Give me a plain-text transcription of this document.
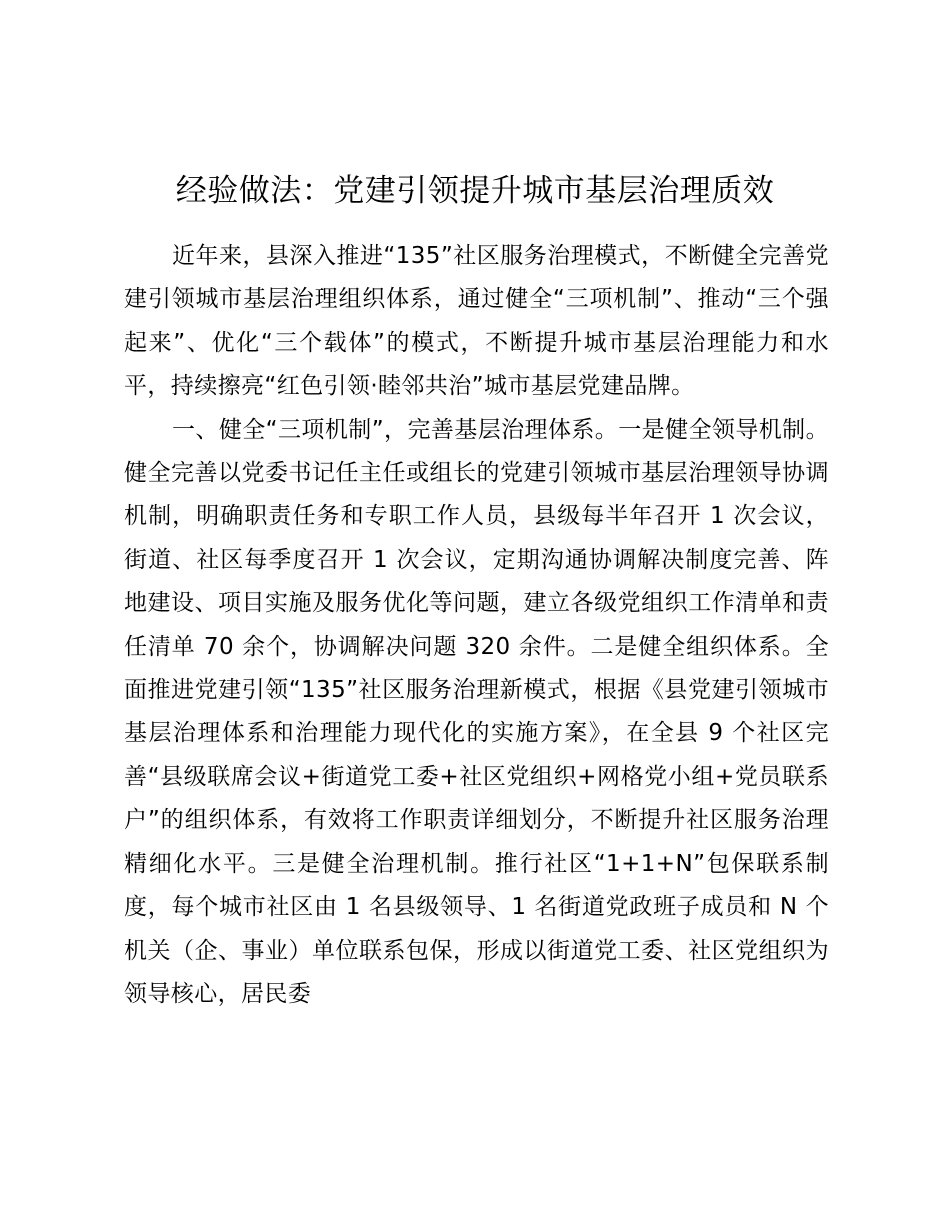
经验做法：党建引领提升城市基层治理质效

近年来，县深入推进“135”社区服务治理模式，不断健全完善党建引领城市基层治理组织体系，通过健全“三项机制”、推动“三个强起来”、优化“三个载体”的模式，不断提升城市基层治理能力和水平，持续擦亮“红色引领·睦邻共治”城市基层党建品牌。

一、健全“三项机制”，完善基层治理体系。一是健全领导机制。健全完善以党委书记任主任或组长的党建引领城市基层治理领导协调机制，明确职责任务和专职工作人员，县级每半年召开 1 次会议，街道、社区每季度召开 1 次会议，定期沟通协调解决制度完善、阵地建设、项目实施及服务优化等问题，建立各级党组织工作清单和责任清单 70 余个，协调解决问题 320 余件。二是健全组织体系。全面推进党建引领“135”社区服务治理新模式，根据《县党建引领城市基层治理体系和治理能力现代化的实施方案》，在全县 9 个社区完善“县级联席会议+街道党工委+社区党组织+网格党小组+党员联系户”的组织体系，有效将工作职责详细划分，不断提升社区服务治理精细化水平。三是健全治理机制。推行社区“1+1+N”包保联系制度，每个城市社区由 1 名县级领导、1 名街道党政班子成员和 N 个机关（企、事业）单位联系包保，形成以街道党工委、社区党组织为领导核心，居民委
